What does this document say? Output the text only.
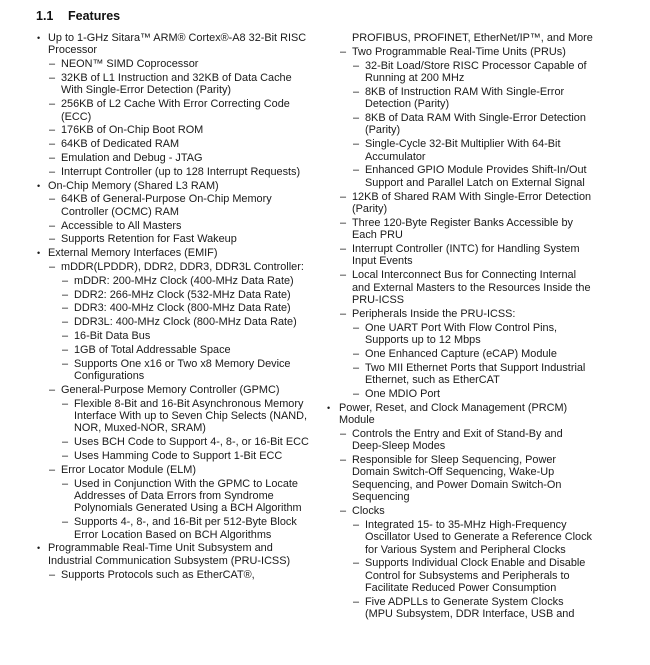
1.1 Features
• Up to 1-GHz Sitara™ ARM® Cortex®-A8 32-Bit RISC Processor
– NEON™ SIMD Coprocessor
– 32KB of L1 Instruction and 32KB of Data Cache With Single-Error Detection (Parity)
– 256KB of L2 Cache With Error Correcting Code (ECC)
– 176KB of On-Chip Boot ROM
– 64KB of Dedicated RAM
– Emulation and Debug - JTAG
– Interrupt Controller (up to 128 Interrupt Requests)
• On-Chip Memory (Shared L3 RAM)
– 64KB of General-Purpose On-Chip Memory Controller (OCMC) RAM
– Accessible to All Masters
– Supports Retention for Fast Wakeup
• External Memory Interfaces (EMIF)
– mDDR(LPDDR), DDR2, DDR3, DDR3L Controller:
– mDDR: 200-MHz Clock (400-MHz Data Rate)
– DDR2: 266-MHz Clock (532-MHz Data Rate)
– DDR3: 400-MHz Clock (800-MHz Data Rate)
– DDR3L: 400-MHz Clock (800-MHz Data Rate)
– 16-Bit Data Bus
– 1GB of Total Addressable Space
– Supports One x16 or Two x8 Memory Device Configurations
– General-Purpose Memory Controller (GPMC)
– Flexible 8-Bit and 16-Bit Asynchronous Memory Interface With up to Seven Chip Selects (NAND, NOR, Muxed-NOR, SRAM)
– Uses BCH Code to Support 4-, 8-, or 16-Bit ECC
– Uses Hamming Code to Support 1-Bit ECC
– Error Locator Module (ELM)
– Used in Conjunction With the GPMC to Locate Addresses of Data Errors from Syndrome Polynomials Generated Using a BCH Algorithm
– Supports 4-, 8-, and 16-Bit per 512-Byte Block Error Location Based on BCH Algorithms
• Programmable Real-Time Unit Subsystem and Industrial Communication Subsystem (PRU-ICSS)
– Supports Protocols such as EtherCAT®,
PROFIBUS, PROFINET, EtherNet/IP™, and More
– Two Programmable Real-Time Units (PRUs)
– 32-Bit Load/Store RISC Processor Capable of Running at 200 MHz
– 8KB of Instruction RAM With Single-Error Detection (Parity)
– 8KB of Data RAM With Single-Error Detection (Parity)
– Single-Cycle 32-Bit Multiplier With 64-Bit Accumulator
– Enhanced GPIO Module Provides Shift-In/Out Support and Parallel Latch on External Signal
– 12KB of Shared RAM With Single-Error Detection (Parity)
– Three 120-Byte Register Banks Accessible by Each PRU
– Interrupt Controller (INTC) for Handling System Input Events
– Local Interconnect Bus for Connecting Internal and External Masters to the Resources Inside the PRU-ICSS
– Peripherals Inside the PRU-ICSS:
– One UART Port With Flow Control Pins, Supports up to 12 Mbps
– One Enhanced Capture (eCAP) Module
– Two MII Ethernet Ports that Support Industrial Ethernet, such as EtherCAT
– One MDIO Port
• Power, Reset, and Clock Management (PRCM) Module
– Controls the Entry and Exit of Stand-By and Deep-Sleep Modes
– Responsible for Sleep Sequencing, Power Domain Switch-Off Sequencing, Wake-Up Sequencing, and Power Domain Switch-On Sequencing
– Clocks
– Integrated 15- to 35-MHz High-Frequency Oscillator Used to Generate a Reference Clock for Various System and Peripheral Clocks
– Supports Individual Clock Enable and Disable Control for Subsystems and Peripherals to Facilitate Reduced Power Consumption
– Five ADPLLs to Generate System Clocks (MPU Subsystem, DDR Interface, USB and
